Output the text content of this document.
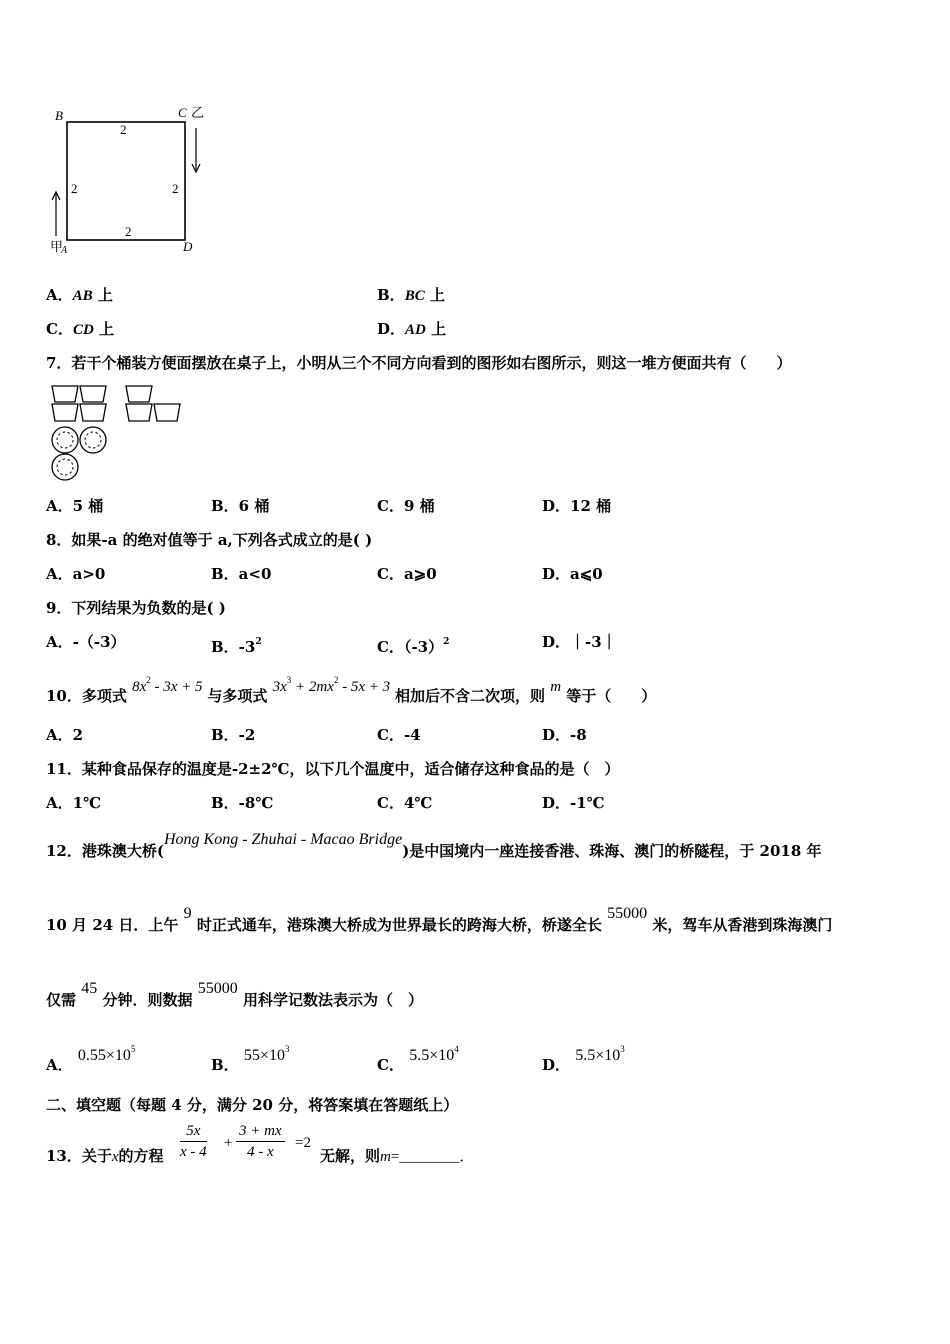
B	C 乙
D
甲
A
2
2	2
2
A．AB 上	B．BC 上
C．CD 上	D．AD 上
7．若干个桶装方便面摆放在桌子上，小明从三个不同方向看到的图形如右图所示，则这一堆方便面共有（　　）
A．5 桶	B．6 桶	C．9 桶	D．12 桶
8．如果-a 的绝对值等于 a,下列各式成立的是( )
A．a>0	B．a<0	C．a⩾0	D．a⩽0
9．下列结果为负数的是( )
A．-（-3）	B．$-3^2$	C．$(-3)^2$	D．｜-3｜
10．多项式 $8x^2 - 3x + 5$ 与多项式 $3x^3 + 2mx^2 - 5x + 3$ 相加后不含二次项，则 m 等于（　　）
A．2	B．-2	C．-4	D．-8
11．某种食品保存的温度是-2±2℃，以下几个温度中，适合储存这种食品的是（　）
A．1℃	B．-8℃	C．4℃	D．-1℃
12．港珠澳大桥(Hong Kong - Zhuhai - Macao Bridge)是中国境内一座连接香港、珠海、澳门的桥隧程，于 2018 年
10 月 24 日．上午 9 时正式通车，港珠澳大桥成为世界最长的跨海大桥，桥遂全长 55000 米，驾车从香港到珠海澳门
仅需 45 分钟．则数据 55000 用科学记数法表示为（　）
A． $0.55\times 10^5$
B． $55\times 10^3$
C． $5.5\times 10^4$
D． $5.5\times 10^3$
二、填空题（每题 4 分，满分 20 分，将答案填在答题纸上）
13．关于x的方程 $\frac{5x}{x - 4} + \frac{3 + mx}{4 - x} =2$
无解，则m=________．
